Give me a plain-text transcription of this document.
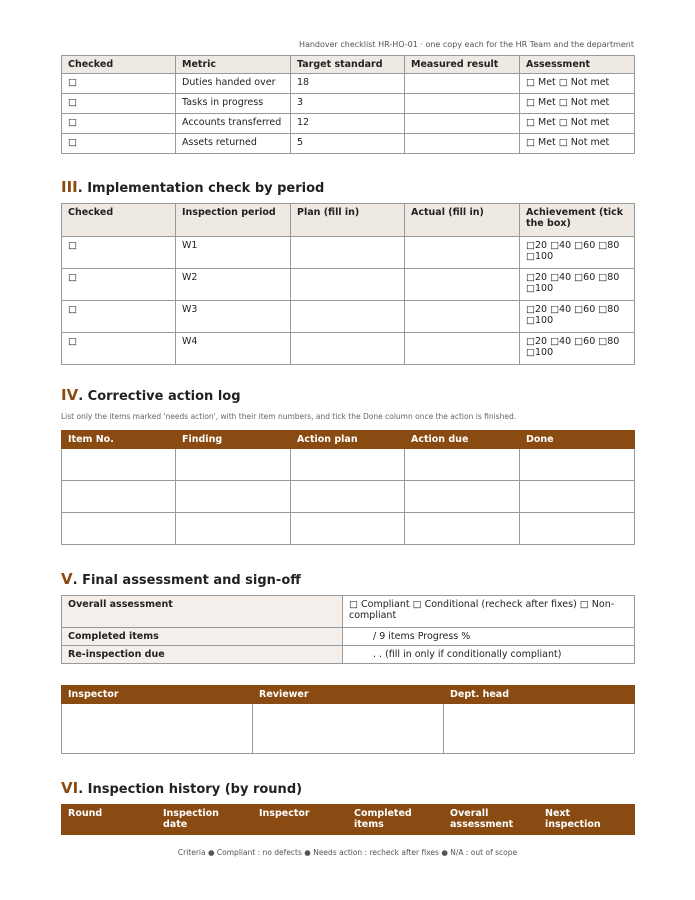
Handover checklist HR-HO-01 · one copy each for the HR Team and the department
Checked	Metric	Target standard	Measured result	Assessment
□	Duties handed over	18		□ Met □ Not met
□	Tasks in progress	3		□ Met □ Not met
□	Accounts transferred	12		□ Met □ Not met
□	Assets returned	5		□ Met □ Not met
III. Implementation check by period
Checked	Inspection period	Plan (fill in)	Actual (fill in)	Achievement (tick the box)
□	W1			□20 □40 □60 □80 □100
□	W2			□20 □40 □60 □80 □100
□	W3			□20 □40 □60 □80 □100
□	W4			□20 □40 □60 □80 □100
IV. Corrective action log
List only the items marked 'needs action', with their item numbers, and tick the Done column once the action is finished.
Item No.	Finding	Action plan	Action due	Done

V. Final assessment and sign-off
Overall assessment	□ Compliant □ Conditional (recheck after fixes) □ Non-compliant
Completed items	/ 9 items Progress %
Re-inspection due	. . (fill in only if conditionally compliant)
Inspector	Reviewer	Dept. head

VI. Inspection history (by round)
Round	Inspection date	Inspector	Completed items	Overall assessment	Next inspection
Criteria ● Compliant : no defects ● Needs action : recheck after fixes ● N/A : out of scope
